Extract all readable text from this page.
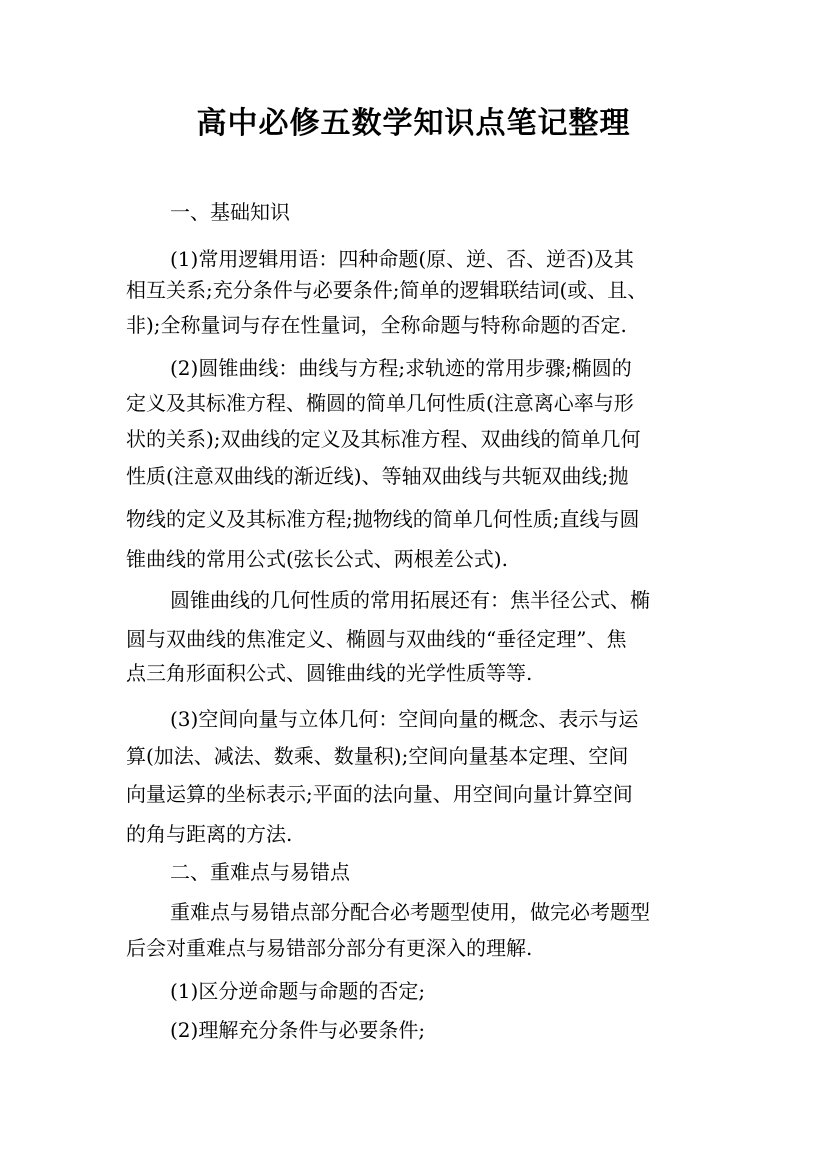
高中必修五数学知识点笔记整理
一、基础知识
(1)常用逻辑用语：四种命题(原、逆、否、逆否)及其
相互关系;充分条件与必要条件;简单的逻辑联结词(或、且、
非);全称量词与存在性量词，全称命题与特称命题的否定.
(2)圆锥曲线：曲线与方程;求轨迹的常用步骤;椭圆的
定义及其标准方程、椭圆的简单几何性质(注意离心率与形
状的关系);双曲线的定义及其标准方程、双曲线的简单几何
性质(注意双曲线的渐近线)、等轴双曲线与共轭双曲线;抛
物线的定义及其标准方程;抛物线的简单几何性质;直线与圆
锥曲线的常用公式(弦长公式、两根差公式).
圆锥曲线的几何性质的常用拓展还有：焦半径公式、椭
圆与双曲线的焦准定义、椭圆与双曲线的“垂径定理”、焦
点三角形面积公式、圆锥曲线的光学性质等等.
(3)空间向量与立体几何：空间向量的概念、表示与运
算(加法、减法、数乘、数量积);空间向量基本定理、空间
向量运算的坐标表示;平面的法向量、用空间向量计算空间
的角与距离的方法.
二、重难点与易错点
重难点与易错点部分配合必考题型使用，做完必考题型
后会对重难点与易错部分部分有更深入的理解.
(1)区分逆命题与命题的否定;
(2)理解充分条件与必要条件;
